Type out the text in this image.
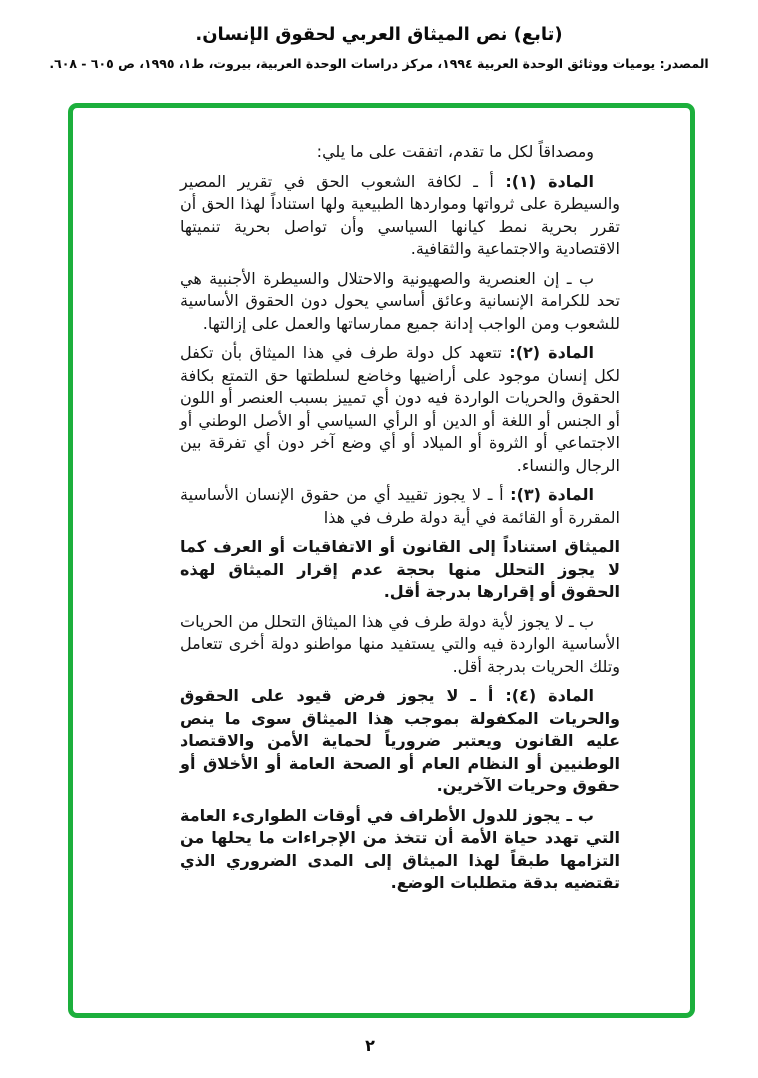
(تابع) نص الميثاق العربي لحقوق الإنسان.
المصدر: يوميات ووثائق الوحدة العربية ١٩٩٤، مركز دراسات الوحدة العربية، بيروت، ط١، ١٩٩٥، ص ٦٠٥ - ٦٠٨.

ومصداقاً لكل ما تقدم، اتفقت على ما يلي:

المادة (١): أ ـ لكافة الشعوب الحق في تقرير المصير والسيطرة على ثرواتها ومواردها الطبيعية ولها استناداً لهذا الحق أن تقرر بحرية نمط كيانها السياسي وأن تواصل بحرية تنميتها الاقتصادية والاجتماعية والثقافية.

ب ـ إن العنصرية والصهيونية والاحتلال والسيطرة الأجنبية هي تحد للكرامة الإنسانية وعائق أساسي يحول دون الحقوق الأساسية للشعوب ومن الواجب إدانة جميع ممارساتها والعمل على إزالتها.

المادة (٢): تتعهد كل دولة طرف في هذا الميثاق بأن تكفل لكل إنسان موجود على أراضيها وخاضع لسلطتها حق التمتع بكافة الحقوق والحريات الواردة فيه دون أي تمييز بسبب العنصر أو اللون أو الجنس أو اللغة أو الدين أو الرأي السياسي أو الأصل الوطني أو الاجتماعي أو الثروة أو الميلاد أو أي وضع آخر دون أي تفرقة بين الرجال والنساء.

المادة (٣): أ ـ لا يجوز تقييد أي من حقوق الإنسان الأساسية المقررة أو القائمة في أية دولة طرف في هذا

الميثاق استناداً إلى القانون أو الاتفاقيات أو العرف كما لا يجوز التحلل منها بحجة عدم إقرار الميثاق لهذه الحقوق أو إقرارها بدرجة أقل.

ب ـ لا يجوز لأية دولة طرف في هذا الميثاق التحلل من الحريات الأساسية الواردة فيه والتي يستفيد منها مواطنو دولة أخرى تتعامل وتلك الحريات بدرجة أقل.

المادة (٤): أ ـ لا يجوز فرض قيود على الحقوق والحريات المكفولة بموجب هذا الميثاق سوى ما ينص عليه القانون ويعتبر ضرورياً لحماية الأمن والاقتصاد الوطنيين أو النظام العام أو الصحة العامة أو الأخلاق أو حقوق وحريات الآخرين.

ب ـ يجوز للدول الأطراف في أوقات الطوارىء العامة التي تهدد حياة الأمة أن تتخذ من الإجراءات ما يحلها من التزامها طبقاً لهذا الميثاق إلى المدى الضروري الذي تقتضيه بدقة متطلبات الوضع.

٢
